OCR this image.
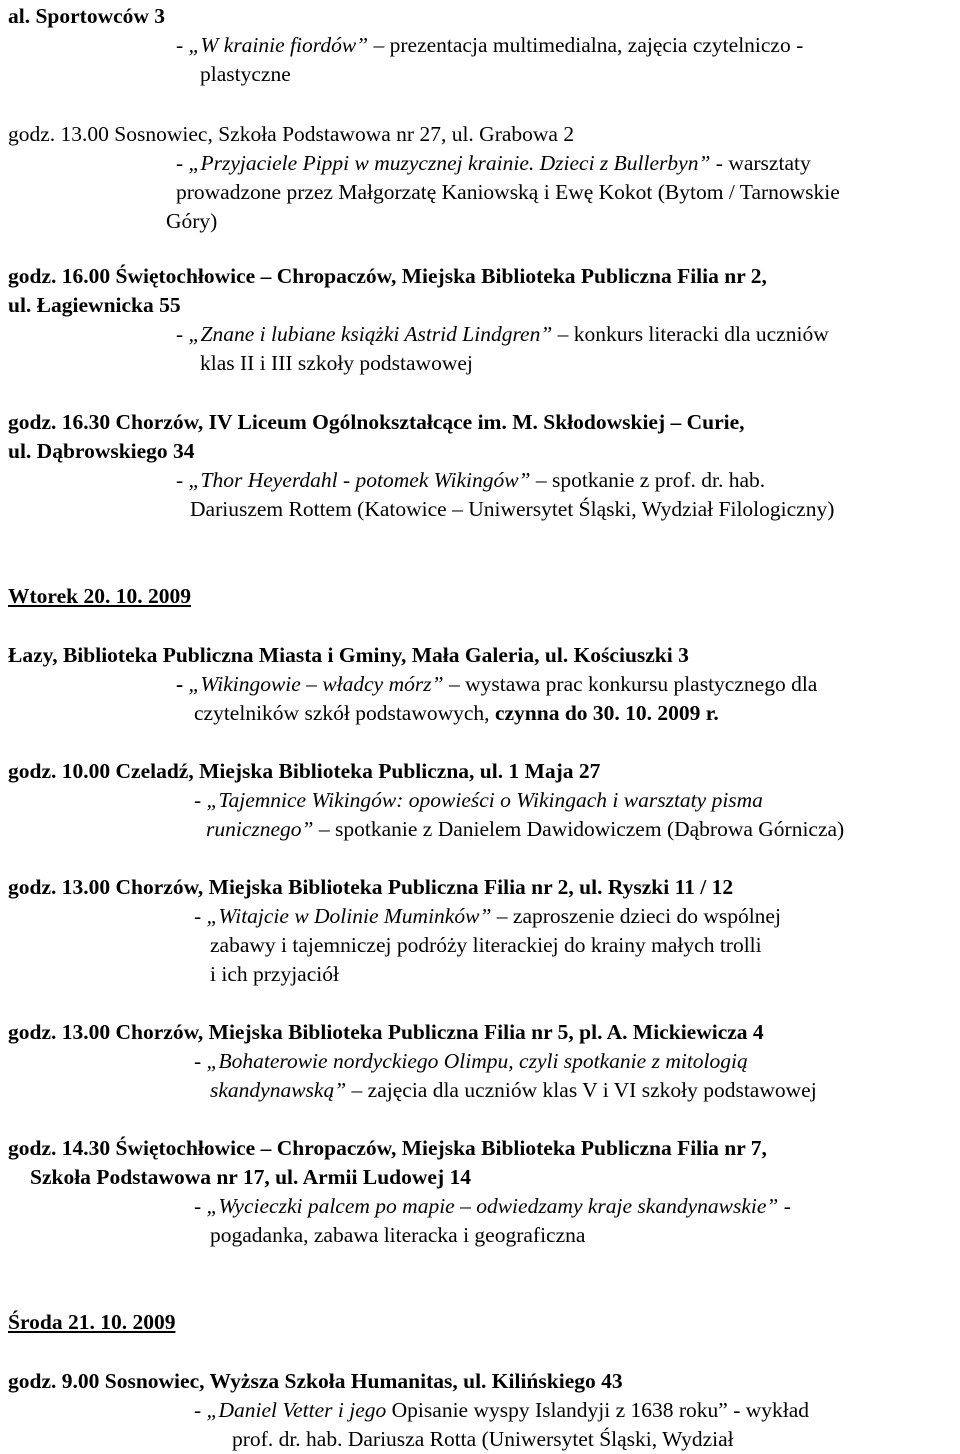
al. Sportowców 3
- „W krainie fiordów” – prezentacja multimedialna, zajęcia czytelniczo -
plastyczne
godz. 13.00 Sosnowiec, Szkoła Podstawowa nr 27, ul. Grabowa 2
- „Przyjaciele Pippi w muzycznej krainie. Dzieci z Bullerbyn” - warsztaty
prowadzone przez Małgorzatę Kaniowską i Ewę Kokot (Bytom / Tarnowskie
Góry)
godz. 16.00 Świętochłowice – Chropaczów, Miejska Biblioteka Publiczna Filia nr 2,
ul. Łagiewnicka 55
- „Znane i lubiane książki Astrid Lindgren” – konkurs literacki dla uczniów
klas II i III szkoły podstawowej
godz. 16.30 Chorzów, IV Liceum Ogólnokształcące im. M. Skłodowskiej – Curie,
ul. Dąbrowskiego 34
- „Thor Heyerdahl - potomek Wikingów” – spotkanie z prof. dr. hab.
Dariuszem Rottem (Katowice – Uniwersytet Śląski, Wydział Filologiczny)
Wtorek 20. 10. 2009
Łazy, Biblioteka Publiczna Miasta i Gminy, Mała Galeria, ul. Kościuszki 3
- „Wikingowie – władcy mórz” – wystawa prac konkursu plastycznego dla
czytelników szkół podstawowych, czynna do 30. 10. 2009 r.
godz. 10.00 Czeladź, Miejska Biblioteka Publiczna, ul. 1 Maja 27
- „Tajemnice Wikingów: opowieści o Wikingach i warsztaty pisma
runicznego” – spotkanie z Danielem Dawidowiczem (Dąbrowa Górnicza)
godz. 13.00 Chorzów, Miejska Biblioteka Publiczna Filia nr 2, ul. Ryszki 11 / 12
- „Witajcie w Dolinie Muminków” – zaproszenie dzieci do wspólnej
zabawy i tajemniczej podróży literackiej do krainy małych trolli
i ich przyjaciół
godz. 13.00 Chorzów, Miejska Biblioteka Publiczna Filia nr 5, pl. A. Mickiewicza 4
- „Bohaterowie nordyckiego Olimpu, czyli spotkanie z mitologią
skandynawską” – zajęcia dla uczniów klas V i VI szkoły podstawowej
godz. 14.30 Świętochłowice – Chropaczów, Miejska Biblioteka Publiczna Filia nr 7,
Szkoła Podstawowa nr 17, ul. Armii Ludowej 14
- „Wycieczki palcem po mapie – odwiedzamy kraje skandynawskie” -
pogadanka, zabawa literacka i geograficzna
Środa 21. 10. 2009
godz. 9.00 Sosnowiec, Wyższa Szkoła Humanitas, ul. Kilińskiego 43
- „Daniel Vetter i jego Opisanie wyspy Islandyji z 1638 roku” - wykład
prof. dr. hab. Dariusza Rotta (Uniwersytet Śląski, Wydział
